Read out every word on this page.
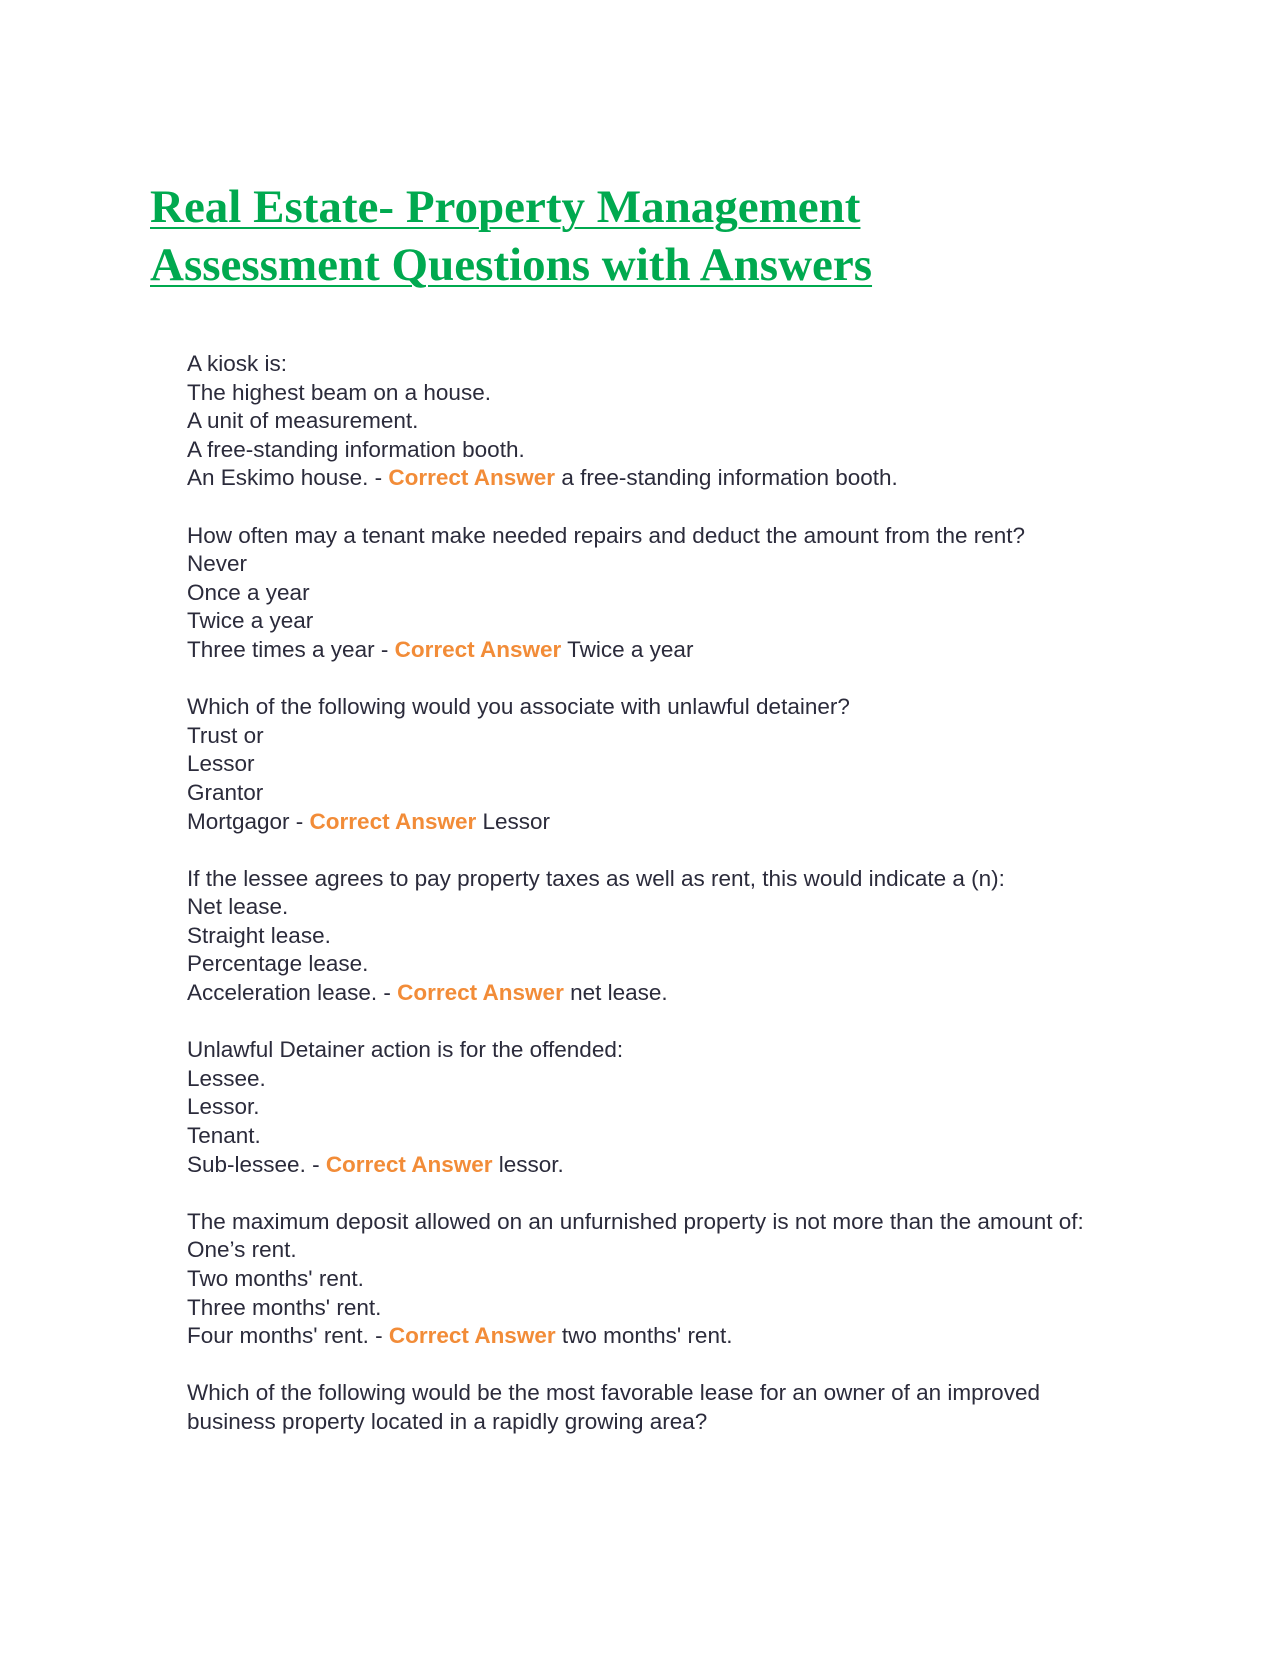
Real Estate- Property Management
Assessment Questions with Answers
A kiosk is:
The highest beam on a house.
A unit of measurement.
A free-standing information booth.
An Eskimo house. - Correct Answer a free-standing information booth.
How often may a tenant make needed repairs and deduct the amount from the rent?
Never
Once a year
Twice a year
Three times a year - Correct Answer Twice a year
Which of the following would you associate with unlawful detainer?
Trust or
Lessor
Grantor
Mortgagor - Correct Answer Lessor
If the lessee agrees to pay property taxes as well as rent, this would indicate a (n):
Net lease.
Straight lease.
Percentage lease.
Acceleration lease. - Correct Answer net lease.
Unlawful Detainer action is for the offended:
Lessee.
Lessor.
Tenant.
Sub-lessee. - Correct Answer lessor.
The maximum deposit allowed on an unfurnished property is not more than the amount of:
One’s rent.
Two months' rent.
Three months' rent.
Four months' rent. - Correct Answer two months' rent.
Which of the following would be the most favorable lease for an owner of an improved business property located in a rapidly growing area?
